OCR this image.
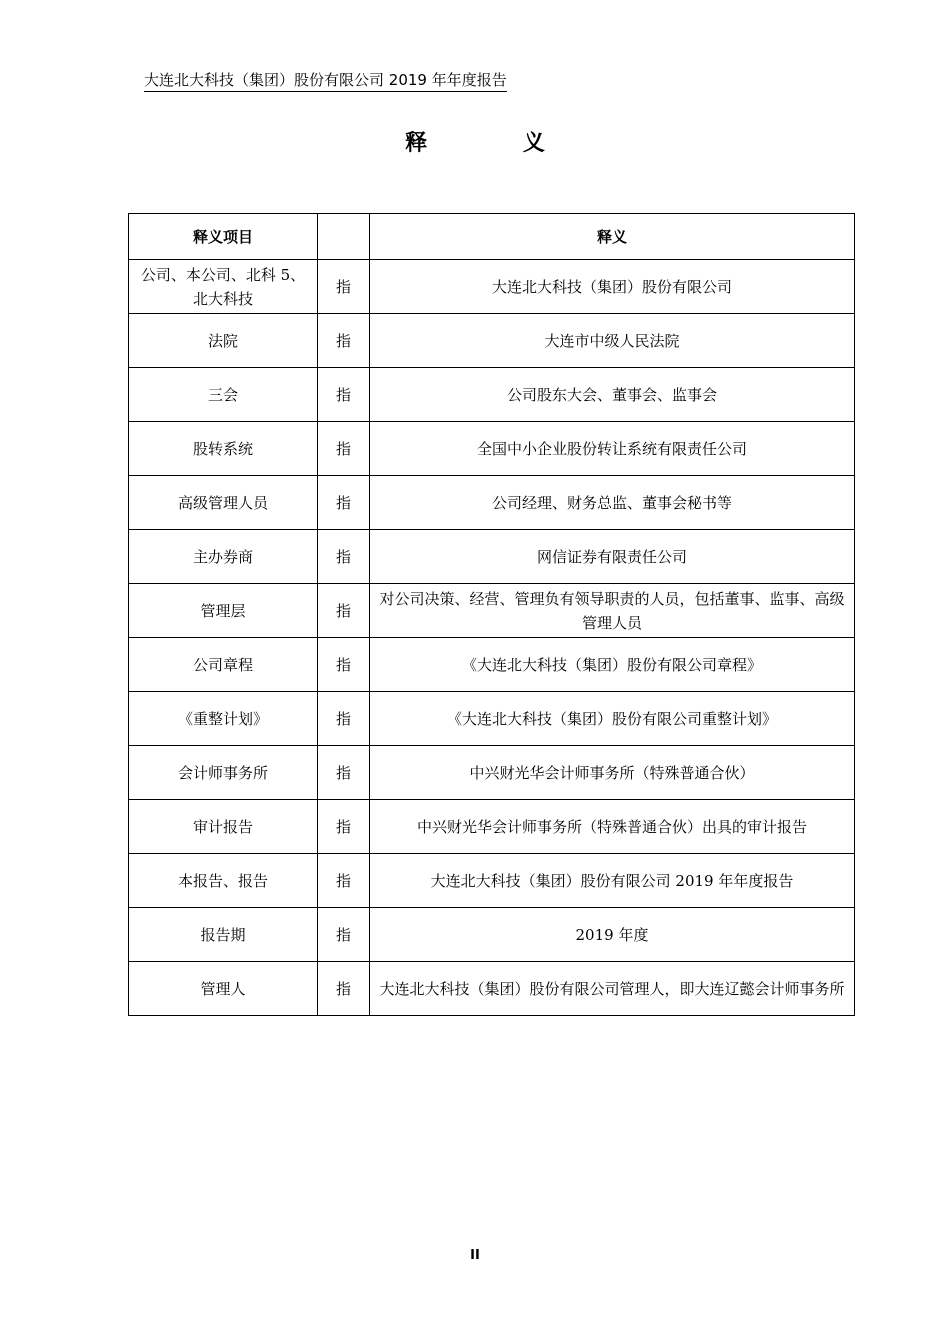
大连北大科技（集团）股份有限公司 2019 年年度报告
释 义
释义项目		释义
公司、本公司、北科 5、北大科技	指	大连北大科技（集团）股份有限公司
法院	指	大连市中级人民法院
三会	指	公司股东大会、董事会、监事会
股转系统	指	全国中小企业股份转让系统有限责任公司
高级管理人员	指	公司经理、财务总监、董事会秘书等
主办券商	指	网信证券有限责任公司
管理层	指	对公司决策、经营、管理负有领导职责的人员，包括董事、监事、高级管理人员
公司章程	指	《大连北大科技（集团）股份有限公司章程》
《重整计划》	指	《大连北大科技（集团）股份有限公司重整计划》
会计师事务所	指	中兴财光华会计师事务所（特殊普通合伙）
审计报告	指	中兴财光华会计师事务所（特殊普通合伙）出具的审计报告
本报告、报告	指	大连北大科技（集团）股份有限公司 2019 年年度报告
报告期	指	2019 年度
管理人	指	大连北大科技（集团）股份有限公司管理人，即大连辽懿会计师事务所
II
